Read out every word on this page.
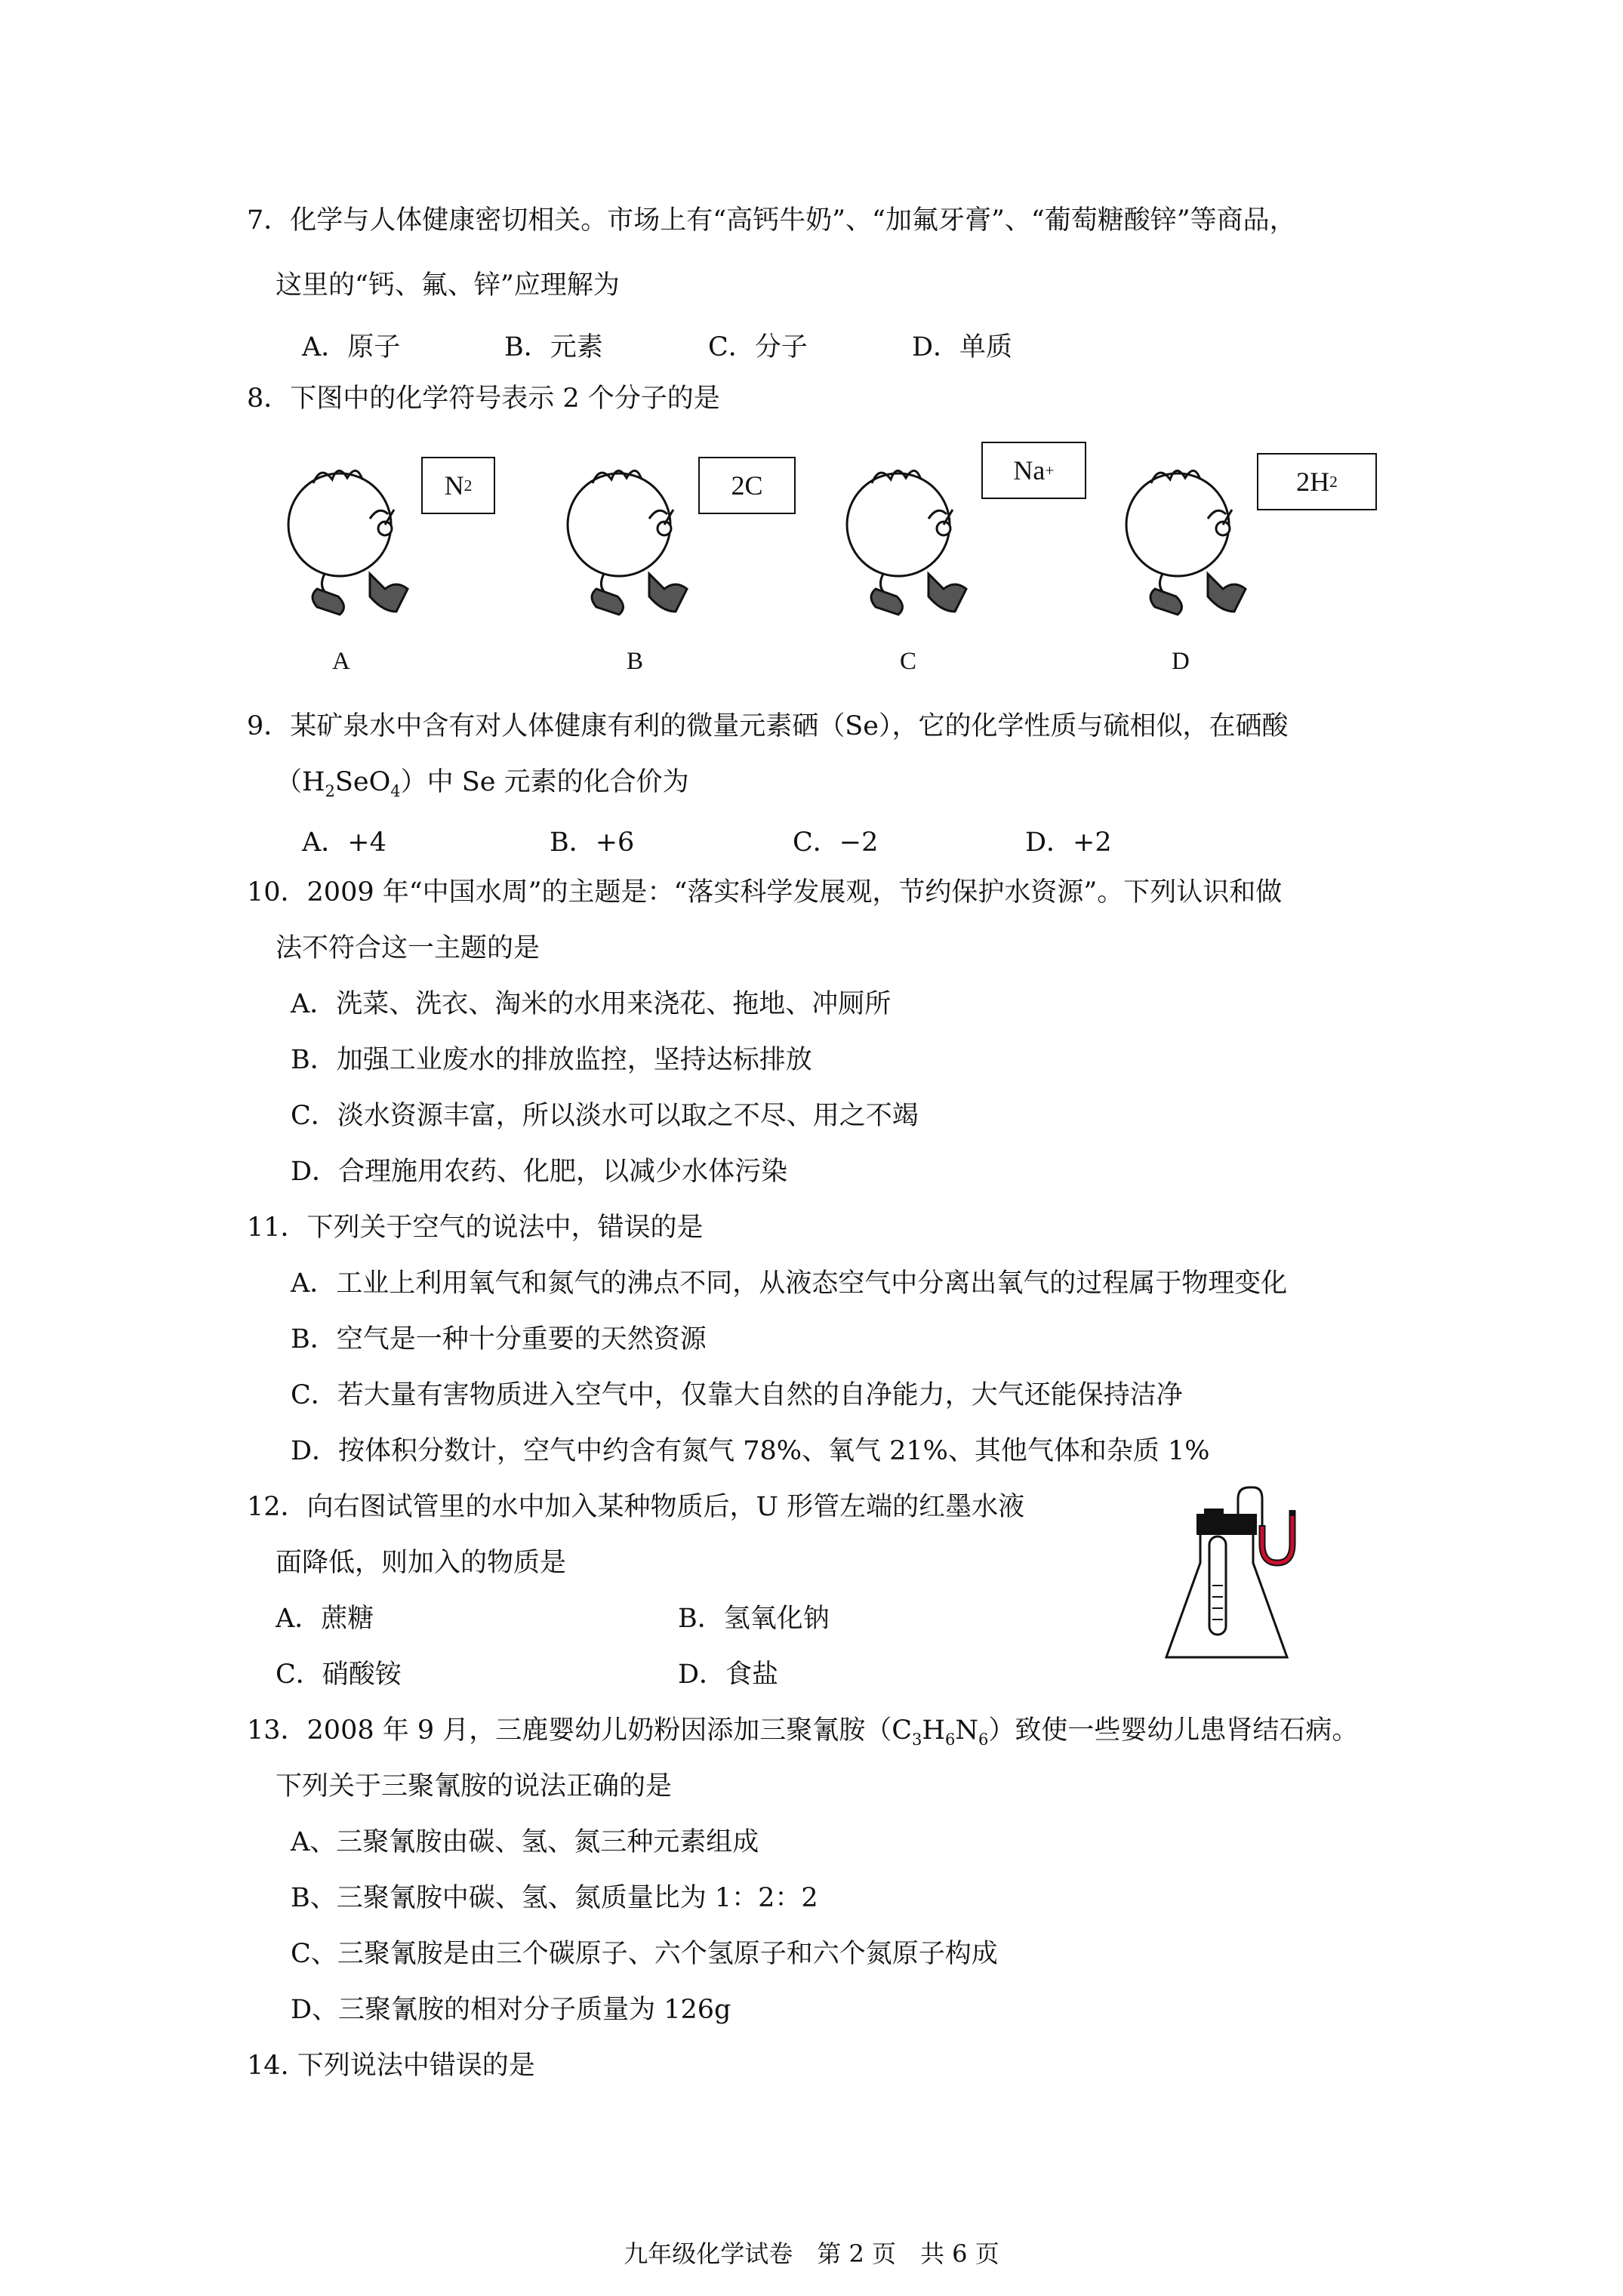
7．化学与人体健康密切相关。市场上有“高钙牛奶”、“加氟牙膏”、“葡萄糖酸锌”等商品，
这里的“钙、氟、锌”应理解为
A．原子	B．元素	C．分子	D．单质
8．下图中的化学符号表示 2 个分子的是
N 2
A
2C
B
Na +
C
2H 2
D
9．某矿泉水中含有对人体健康有利的微量元素硒（Se），它的化学性质与硫相似，在硒酸
$(H_2SeO_4)$中 Se 元素的化合价为
A．+4	B．+6	C．−2	D．+2
10．2009 年“中国水周”的主题是：“落实科学发展观，节约保护水资源”。下列认识和做
法不符合这一主题的是
A．洗菜、洗衣、淘米的水用来浇花、拖地、冲厕所
B．加强工业废水的排放监控，坚持达标排放
C．淡水资源丰富，所以淡水可以取之不尽、用之不竭
D．合理施用农药、化肥，以减少水体污染
11．下列关于空气的说法中，错误的是
A．工业上利用氧气和氮气的沸点不同，从液态空气中分离出氧气的过程属于物理变化
B．空气是一种十分重要的天然资源
C．若大量有害物质进入空气中，仅靠大自然的自净能力，大气还能保持洁净
D．按体积分数计，空气中约含有氮气 78%、氧气 21%、其他气体和杂质 1%
12．向右图试管里的水中加入某种物质后，U 形管左端的红墨水液
面降低，则加入的物质是
A．蔗糖	B．氢氧化钠
C．硝酸铵	D．食盐
13．2008 年 9 月，三鹿婴幼儿奶粉因添加三聚氰胺$(C_3H_6N_6)$致使一些婴幼儿患肾结石病。
下列关于三聚氰胺的说法正确的是
A、三聚氰胺由碳、氢、氮三种元素组成
B、三聚氰胺中碳、氢、氮质量比为 1：2：2
C、三聚氰胺是由三个碳原子、六个氢原子和六个氮原子构成
D、三聚氰胺的相对分子质量为 126g
14. 下列说法中错误的是
九年级化学试卷　第 2 页　共 6 页
